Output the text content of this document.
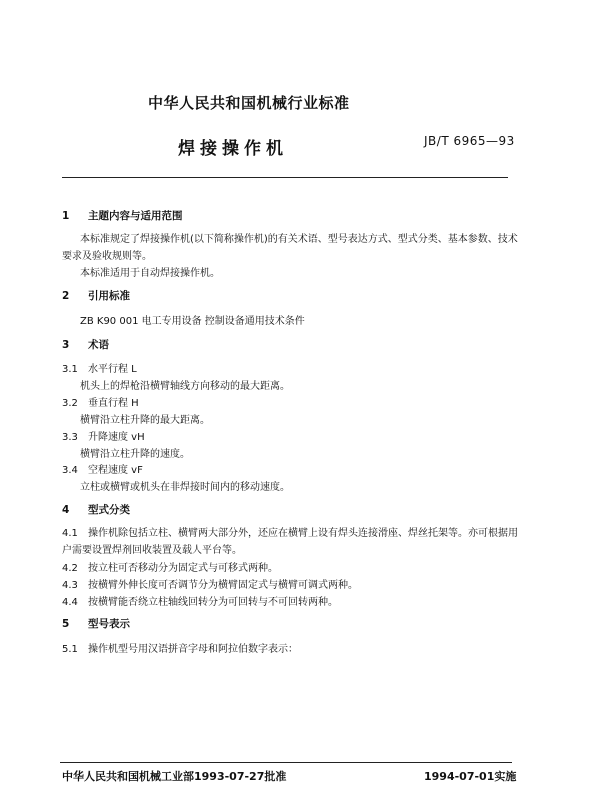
中华人民共和国机械行业标准
焊接操作机	JB/T 6965—93
1 主题内容与适用范围
本标准规定了焊接操作机(以下简称操作机)的有关术语、型号表达方式、型式分类、基本参数、技术
要求及验收规则等。
本标准适用于自动焊接操作机。
2 引用标准
ZB K90 001 电工专用设备 控制设备通用技术条件
3 术语
3.1 水平行程 L
机头上的焊枪沿横臂轴线方向移动的最大距离。
3.2 垂直行程 H
横臂沿立柱升降的最大距离。
3.3 升降速度 vH
横臂沿立柱升降的速度。
3.4 空程速度 vF
立柱或横臂或机头在非焊接时间内的移动速度。
4 型式分类
4.1 操作机除包括立柱、横臂两大部分外，还应在横臂上设有焊头连接滑座、焊丝托架等。亦可根据用
户需要设置焊剂回收装置及载人平台等。
4.2 按立柱可否移动分为固定式与可移式两种。
4.3 按横臂外伸长度可否调节分为横臂固定式与横臂可调式两种。
4.4 按横臂能否绕立柱轴线回转分为可回转与不可回转两种。
5 型号表示
5.1 操作机型号用汉语拼音字母和阿拉伯数字表示：
中华人民共和国机械工业部1993-07-27批准	1994-07-01实施
